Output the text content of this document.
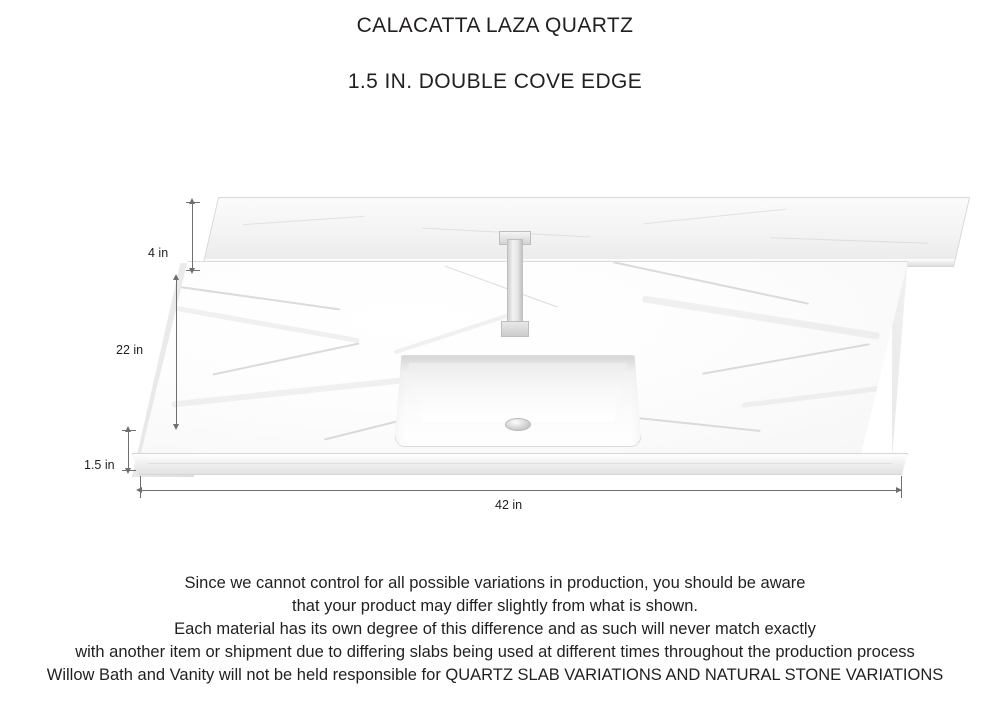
CALACATTA LAZA QUARTZ
1.5 IN. DOUBLE COVE EDGE
4 in
22 in
1.5 in
42 in
Since we cannot control for all possible variations in production, you should be aware
that your product may differ slightly from what is shown.
Each material has its own degree of this difference and as such will never match exactly
with another item or shipment due to differing slabs being used at different times throughout the production process
Willow Bath and Vanity will not be held responsible for QUARTZ SLAB VARIATIONS AND NATURAL STONE VARIATIONS
